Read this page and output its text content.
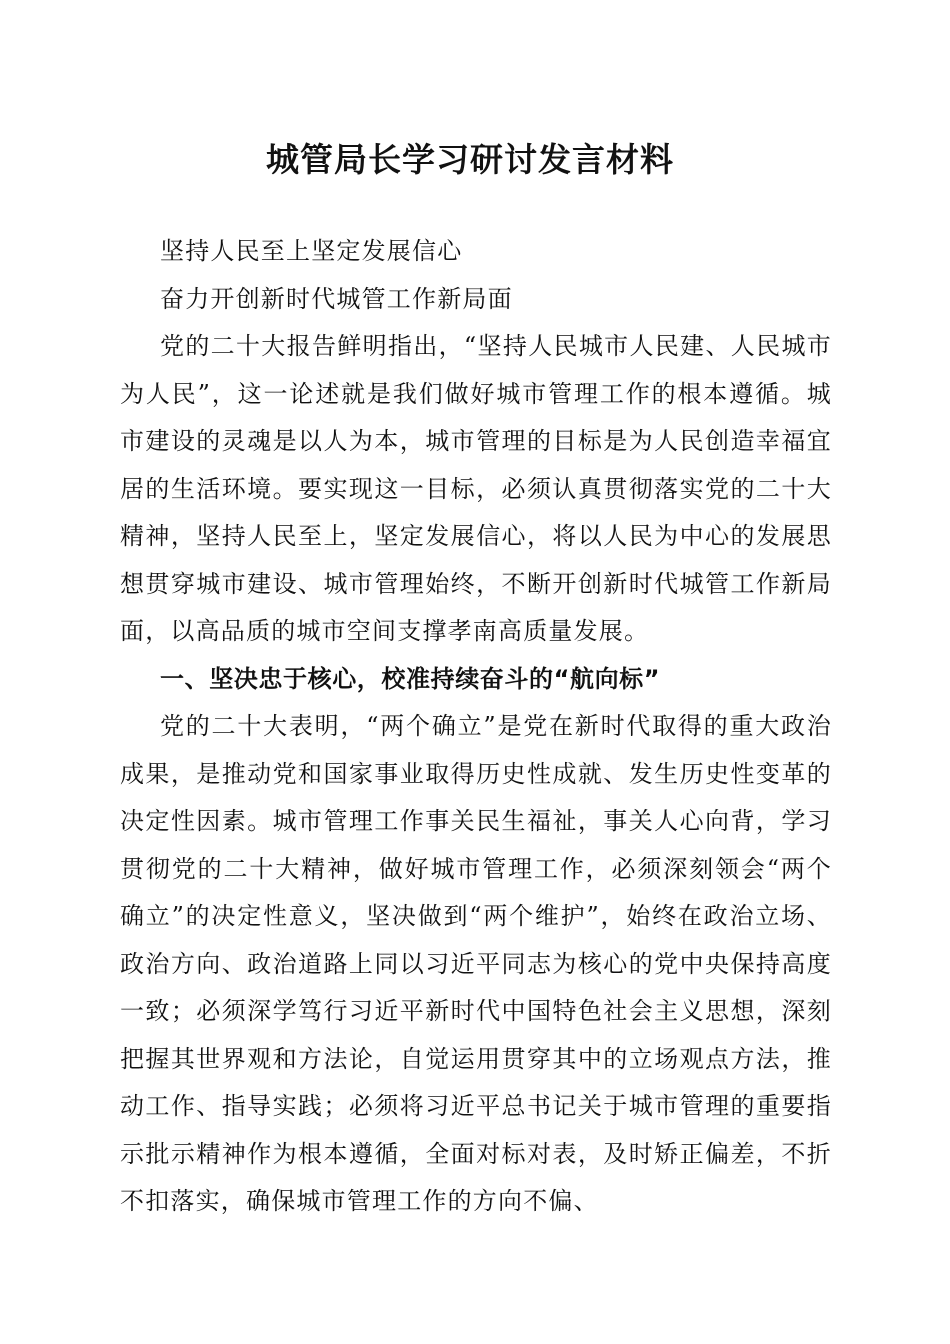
城管局长学习研讨发言材料

坚持人民至上坚定发展信心

奋力开创新时代城管工作新局面

党的二十大报告鲜明指出，“坚持人民城市人民建、人民城市为人民”，这一论述就是我们做好城市管理工作的根本遵循。城市建设的灵魂是以人为本，城市管理的目标是为人民创造幸福宜居的生活环境。要实现这一目标，必须认真贯彻落实党的二十大精神，坚持人民至上，坚定发展信心，将以人民为中心的发展思想贯穿城市建设、城市管理始终，不断开创新时代城管工作新局面，以高品质的城市空间支撑孝南高质量发展。

一、坚决忠于核心，校准持续奋斗的“航向标”

党的二十大表明，“两个确立”是党在新时代取得的重大政治成果，是推动党和国家事业取得历史性成就、发生历史性变革的决定性因素。城市管理工作事关民生福祉，事关人心向背，学习贯彻党的二十大精神，做好城市管理工作，必须深刻领会“两个确立”的决定性意义，坚决做到“两个维护”，始终在政治立场、政治方向、政治道路上同以习近平同志为核心的党中央保持高度一致；必须深学笃行习近平新时代中国特色社会主义思想，深刻把握其世界观和方法论，自觉运用贯穿其中的立场观点方法，推动工作、指导实践；必须将习近平总书记关于城市管理的重要指示批示精神作为根本遵循，全面对标对表，及时矫正偏差，不折不扣落实，确保城市管理工作的方向不偏、
